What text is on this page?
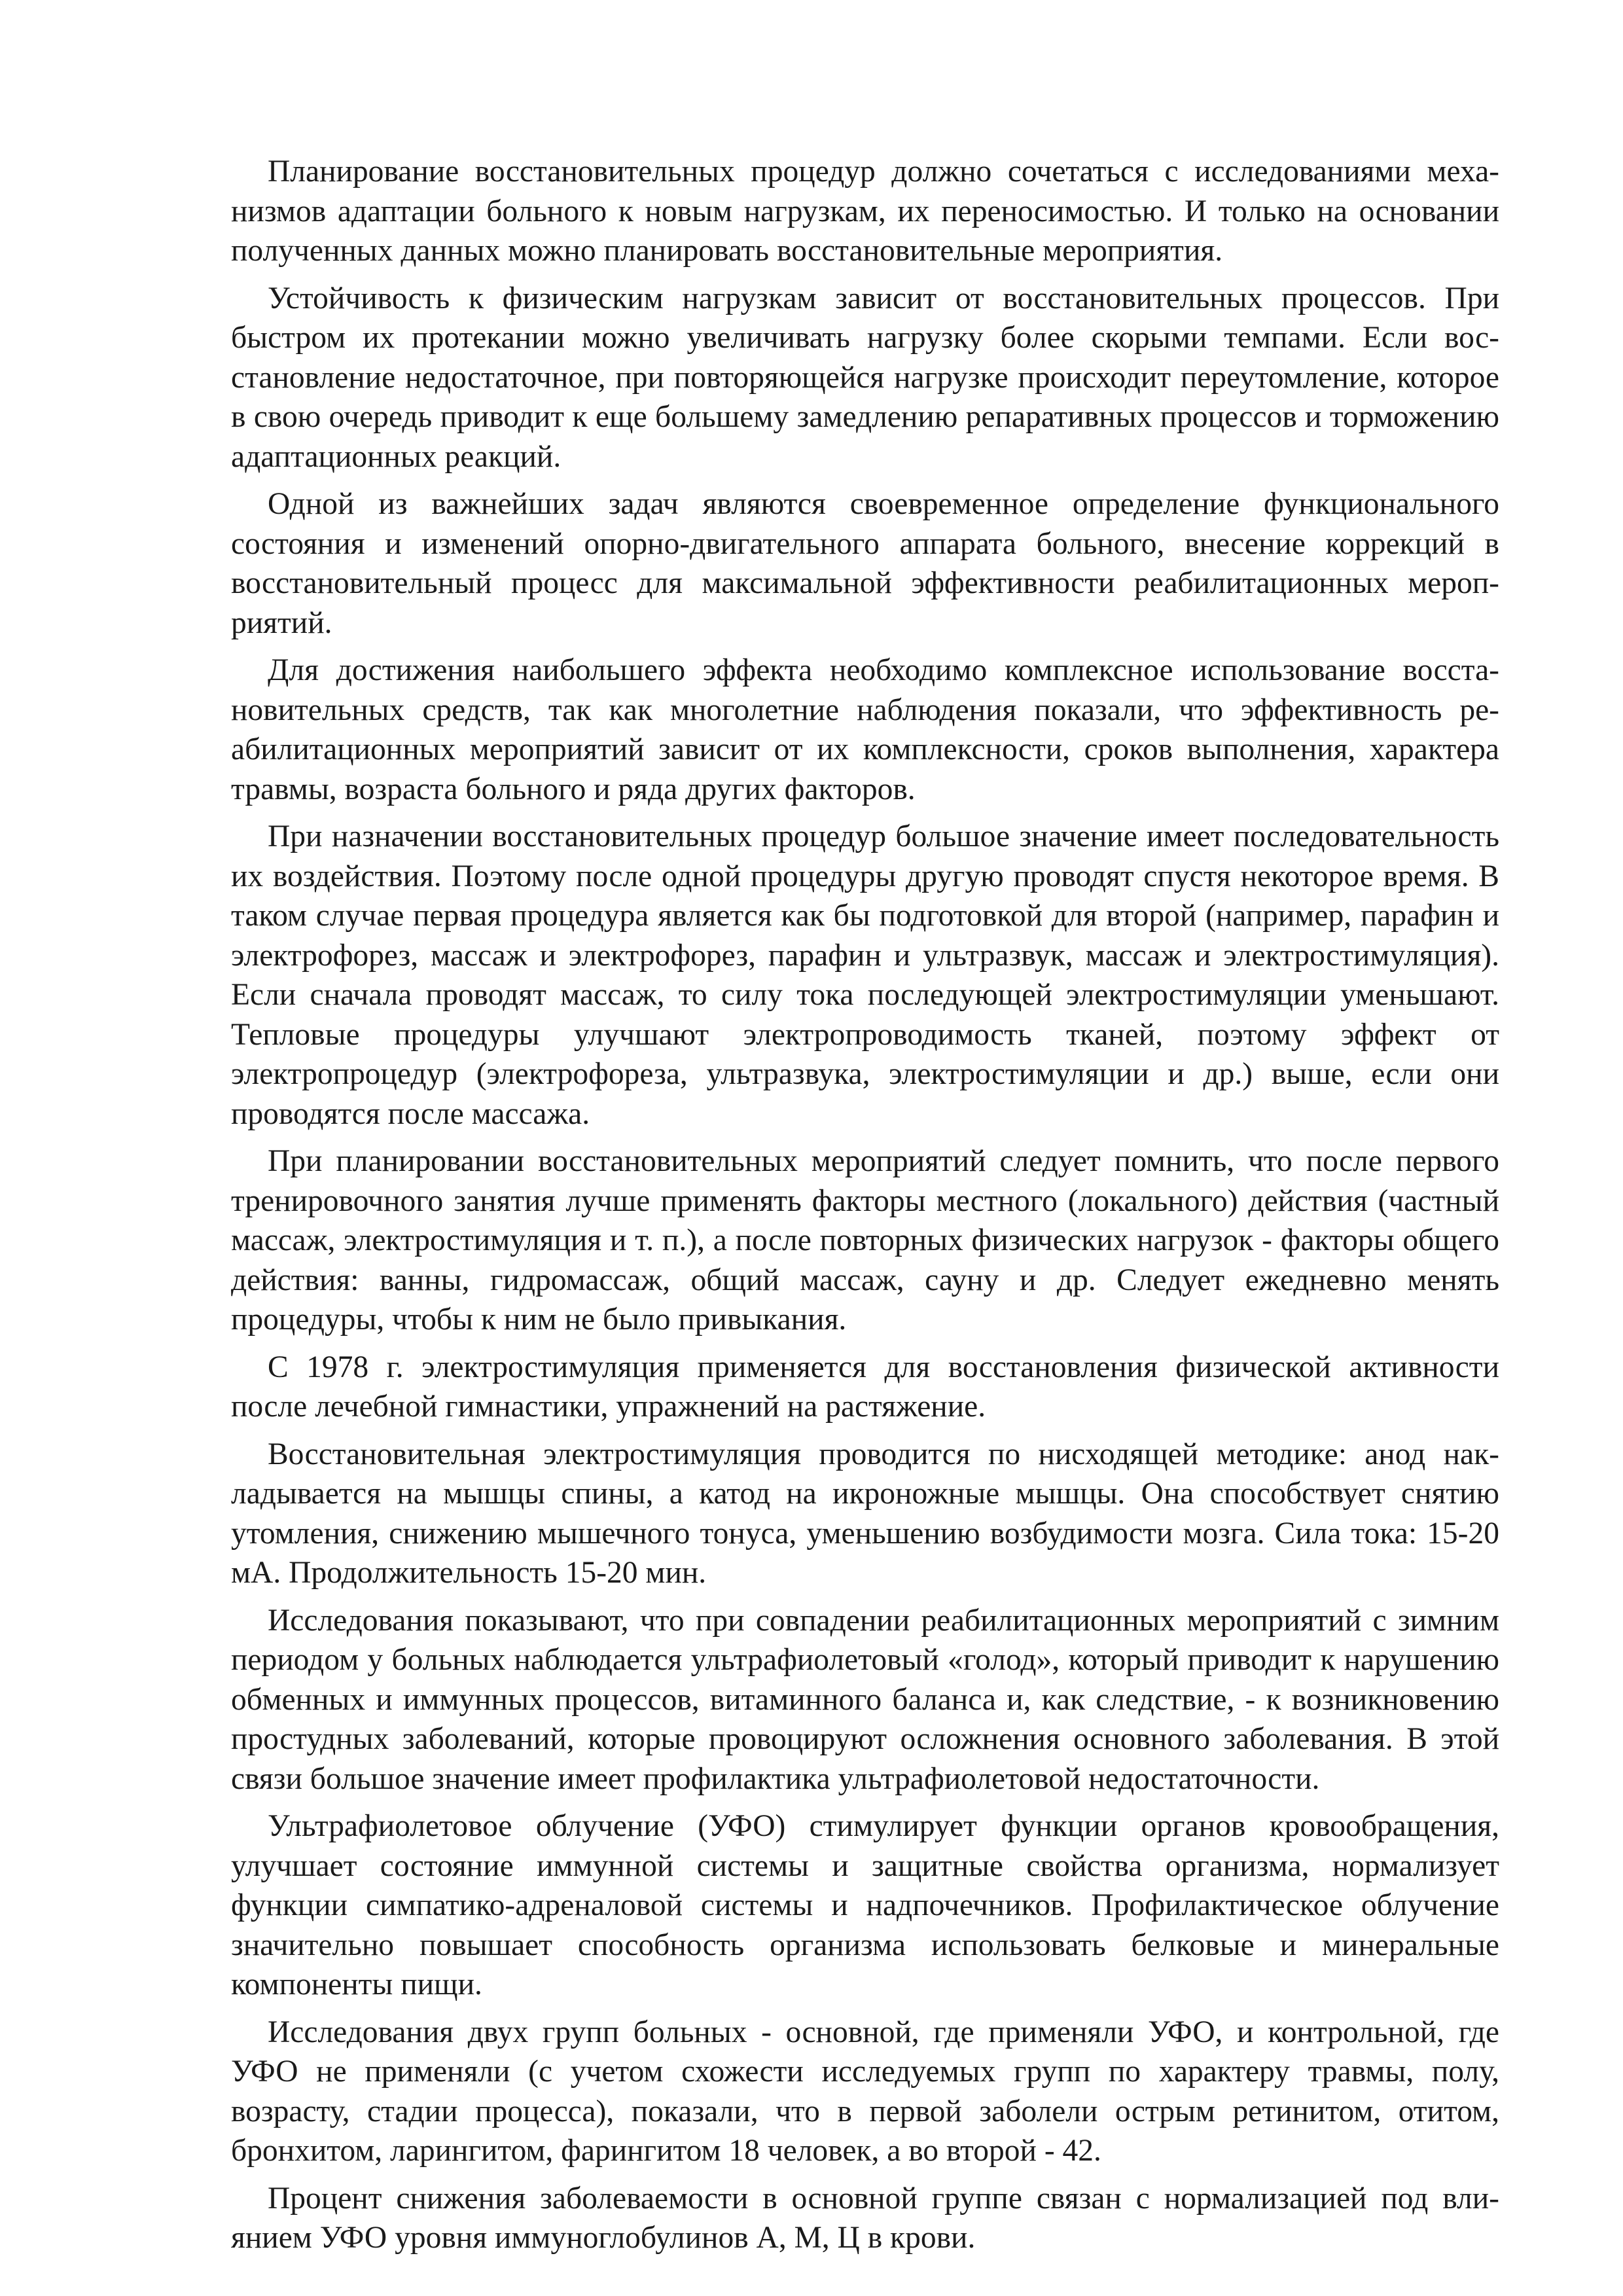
Планирование восстановительных процедур должно сочетаться с исследованиями механизмов адаптации больного к новым нагрузкам, их переносимостью. И только на основании полученных данных можно планировать восстановительные мероприятия.

Устойчивость к физическим нагрузкам зависит от восстановительных процессов. При быстром их протекании можно увеличивать нагрузку более скорыми темпами. Если восстановление недостаточное, при повторяющейся нагрузке происходит переутомление, которое в свою очередь приводит к еще большему замедлению репаративных процессов и торможению адаптационных реакций.

Одной из важнейших задач являются своевременное определение функционального состояния и изменений опорно-двигательного аппарата больного, внесение коррекций в восстановительный процесс для максимальной эффективности реабилитационных мероприятий.

Для достижения наибольшего эффекта необходимо комплексное использование восстановительных средств, так как многолетние наблюдения показали, что эффективность реабилитационных мероприятий зависит от их комплексности, сроков выполнения, характера травмы, возраста больного и ряда других факторов.

При назначении восстановительных процедур большое значение имеет последовательность их воздействия. Поэтому после одной процедуры другую проводят спустя некоторое время. В таком случае первая процедура является как бы подготовкой для второй (например, парафин и электрофорез, массаж и электрофорез, парафин и ультразвук, массаж и электростимуляция). Если сначала проводят массаж, то силу тока последующей электростимуляции уменьшают. Тепловые процедуры улучшают электропроводимость тканей, поэтому эффект от электропроцедур (электрофореза, ультразвука, электростимуляции и др.) выше, если они проводятся после массажа.

При планировании восстановительных мероприятий следует помнить, что после первого тренировочного занятия лучше применять факторы местного (локального) действия (частный массаж, электростимуляция и т. п.), а после повторных физических нагрузок - факторы общего действия: ванны, гидромассаж, общий массаж, сауну и др. Следует ежедневно менять процедуры, чтобы к ним не было привыкания.

С 1978 г. электростимуляция применяется для восстановления физической активности после лечебной гимнастики, упражнений на растяжение.

Восстановительная электростимуляция проводится по нисходящей методике: анод накладывается на мышцы спины, а катод на икроножные мышцы. Она способствует снятию утомления, снижению мышечного тонуса, уменьшению возбудимости мозга. Сила тока: 15-20 мА. Продолжительность 15-20 мин.

Исследования показывают, что при совпадении реабилитационных мероприятий с зимним периодом у больных наблюдается ультрафиолетовый «голод», который приводит к нарушению обменных и иммунных процессов, витаминного баланса и, как следствие, - к возникновению простудных заболеваний, которые провоцируют осложнения основного заболевания. В этой связи большое значение имеет профилактика ультрафиолетовой недостаточности.

Ультрафиолетовое облучение (УФО) стимулирует функции органов кровообращения, улучшает состояние иммунной системы и защитные свойства организма, нормализует функции симпатико-адреналовой системы и надпочечников. Профилактическое облучение значительно повышает способность организма использовать белковые и минеральные компоненты пищи.

Исследования двух групп больных - основной, где применяли УФО, и контрольной, где УФО не применяли (с учетом схожести исследуемых групп по характеру травмы, полу, возрасту, стадии процесса), показали, что в первой заболели острым ретинитом, отитом, бронхитом, ларингитом, фарингитом 18 человек, а во второй - 42.

Процент снижения заболеваемости в основной группе связан с нормализацией под влиянием УФО уровня иммуноглобулинов А, М, Ц в крови.
